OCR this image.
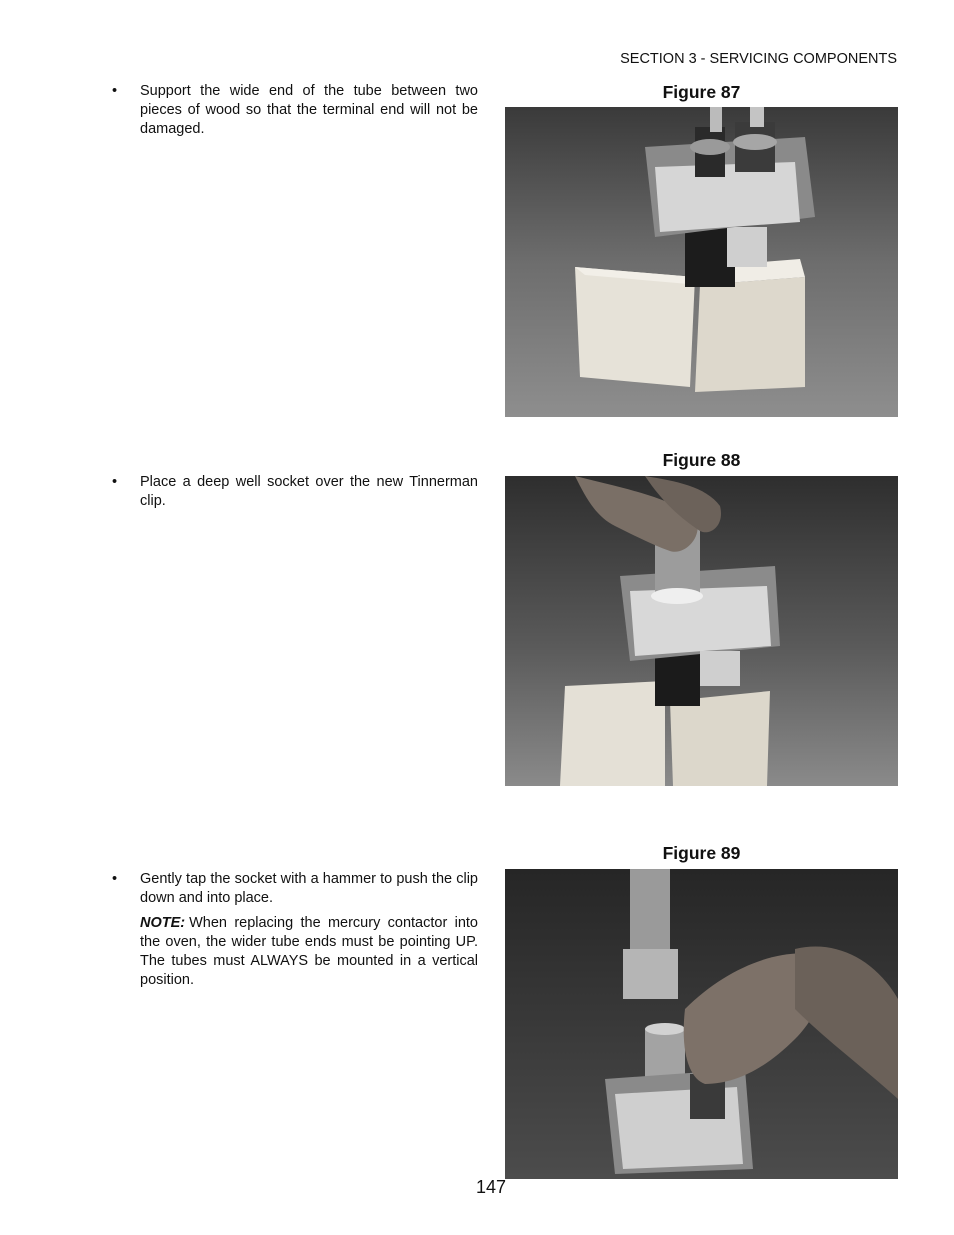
SECTION 3 - SERVICING COMPONENTS
•	Support the wide end of the tube between two pieces of wood so that the terminal end will not be damaged.
•	Place a deep well socket over the new Tinnerman clip.
•	Gently tap the socket with a hammer to push the clip down and into place.
NOTE: When replacing the mercury contactor into the oven, the wider tube ends must be pointing UP. The tubes must ALWAYS be mounted in a vertical position.
Figure 87
Figure 88
Figure 89
147
